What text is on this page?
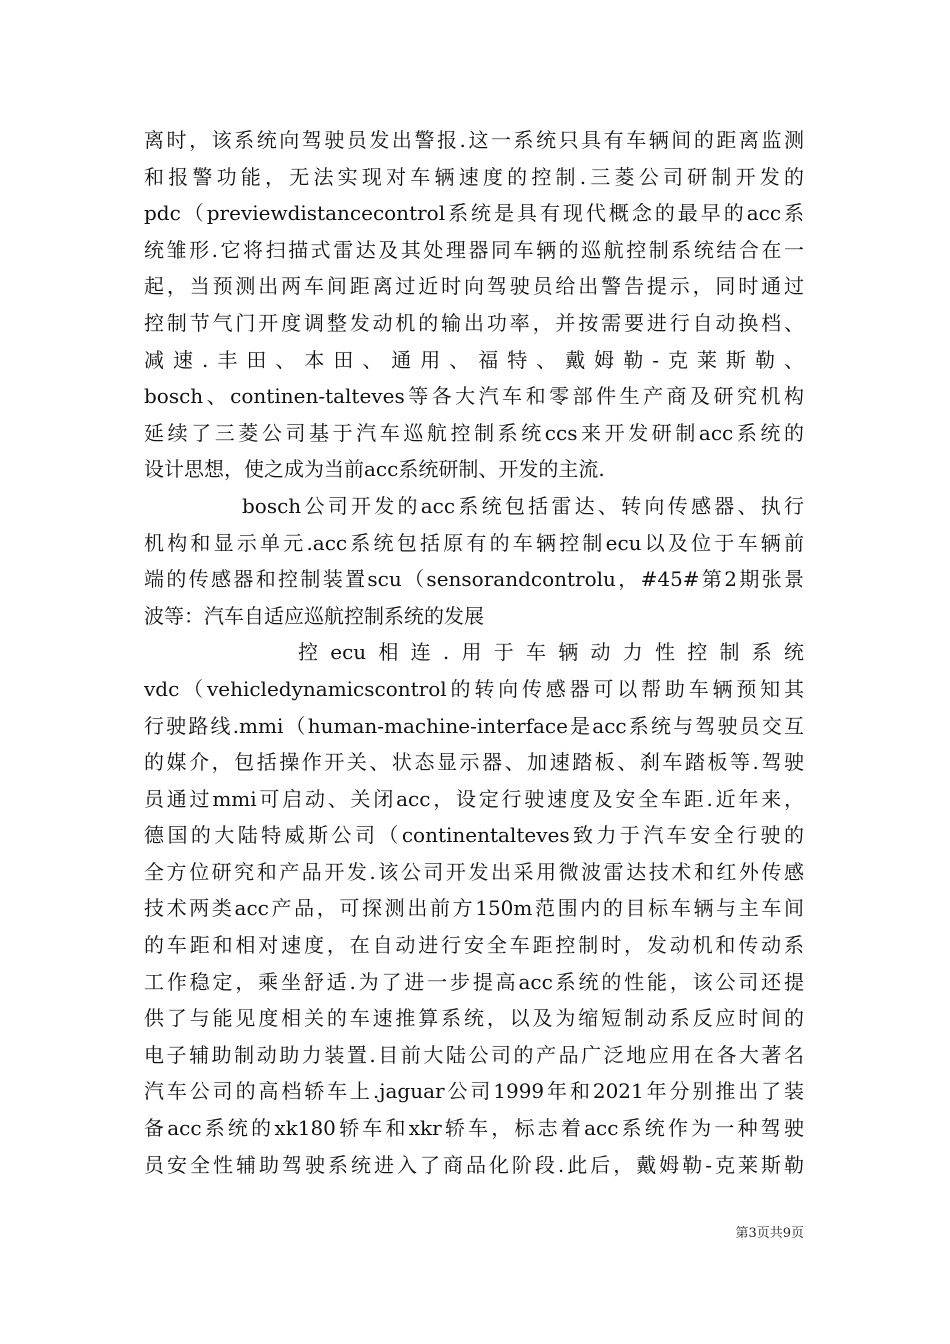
离时，该系统向驾驶员发出警报.这一系统只具有车辆间的距离监测
和报警功能，无法实现对车辆速度的控制.三菱公司研制开发的
pdc（previewdistancecontrol系统是具有现代概念的最早的acc系
统雏形.它将扫描式雷达及其处理器同车辆的巡航控制系统结合在一
起，当预测出两车间距离过近时向驾驶员给出警告提示，同时通过
控制节气门开度调整发动机的输出功率，并按需要进行自动换档、
减速.丰田、本田、通用、福特、戴姆勒-克莱斯勒、
bosch、continen-talteves等各大汽车和零部件生产商及研究机构
延续了三菱公司基于汽车巡航控制系统ccs来开发研制acc系统的
设计思想，使之成为当前acc系统研制、开发的主流.
bosch公司开发的acc系统包括雷达、转向传感器、执行
机构和显示单元.acc系统包括原有的车辆控制ecu以及位于车辆前
端的传感器和控制装置scu（sensorandcontrolu，#45#第2期张景
波等：汽车自适应巡航控制系统的发展
控ecu相连.用于车辆动力性控制系统
vdc（vehicledynamicscontrol的转向传感器可以帮助车辆预知其
行驶路线.mmi（human-machine-interface是acc系统与驾驶员交互
的媒介，包括操作开关、状态显示器、加速踏板、刹车踏板等.驾驶
员通过mmi可启动、关闭acc，设定行驶速度及安全车距.近年来，
德国的大陆特威斯公司（continentalteves致力于汽车安全行驶的
全方位研究和产品开发.该公司开发出采用微波雷达技术和红外传感
技术两类acc产品，可探测出前方150m范围内的目标车辆与主车间
的车距和相对速度，在自动进行安全车距控制时，发动机和传动系
工作稳定，乘坐舒适.为了进一步提高acc系统的性能，该公司还提
供了与能见度相关的车速推算系统，以及为缩短制动系反应时间的
电子辅助制动助力装置.目前大陆公司的产品广泛地应用在各大著名
汽车公司的高档轿车上.jaguar公司1999年和2021年分别推出了装
备acc系统的xk180轿车和xkr轿车，标志着acc系统作为一种驾驶
员安全性辅助驾驶系统进入了商品化阶段.此后，戴姆勒-克莱斯勒
第3页共9页
